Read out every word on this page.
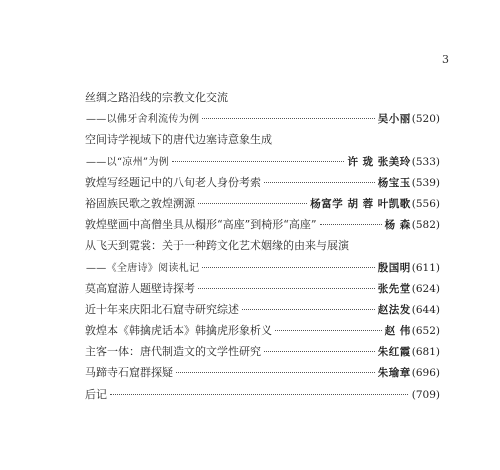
3
丝绸之路沿线的宗教文化交流
——以佛牙舍利流传为例	吴小丽 (520)
空间诗学视域下的唐代边塞诗意象生成
——以“凉州”为例	许 珑 张美玲 (533)
敦煌写经题记中的八旬老人身份考索	杨宝玉 (539)
裕固族民歌之敦煌溯源	杨富学 胡 蓉 叶凯歌 (556)
敦煌壁画中高僧坐具从榻形“高座”到椅形“高座”	杨 森 (582)
从飞天到霓裳：关于一种跨文化艺术姻缘的由来与展演
——《全唐诗》阅读札记	殷国明 (611)
莫高窟游人题壁诗探考	张先堂 (624)
近十年来庆阳北石窟寺研究综述	赵法发 (644)
敦煌本《韩擒虎话本》韩擒虎形象析义	赵 伟 (652)
主客一体：唐代制造文的文学性研究	朱红霞 (681)
马蹄寺石窟群探疑	朱瑜章 (696)
后记	(709)
